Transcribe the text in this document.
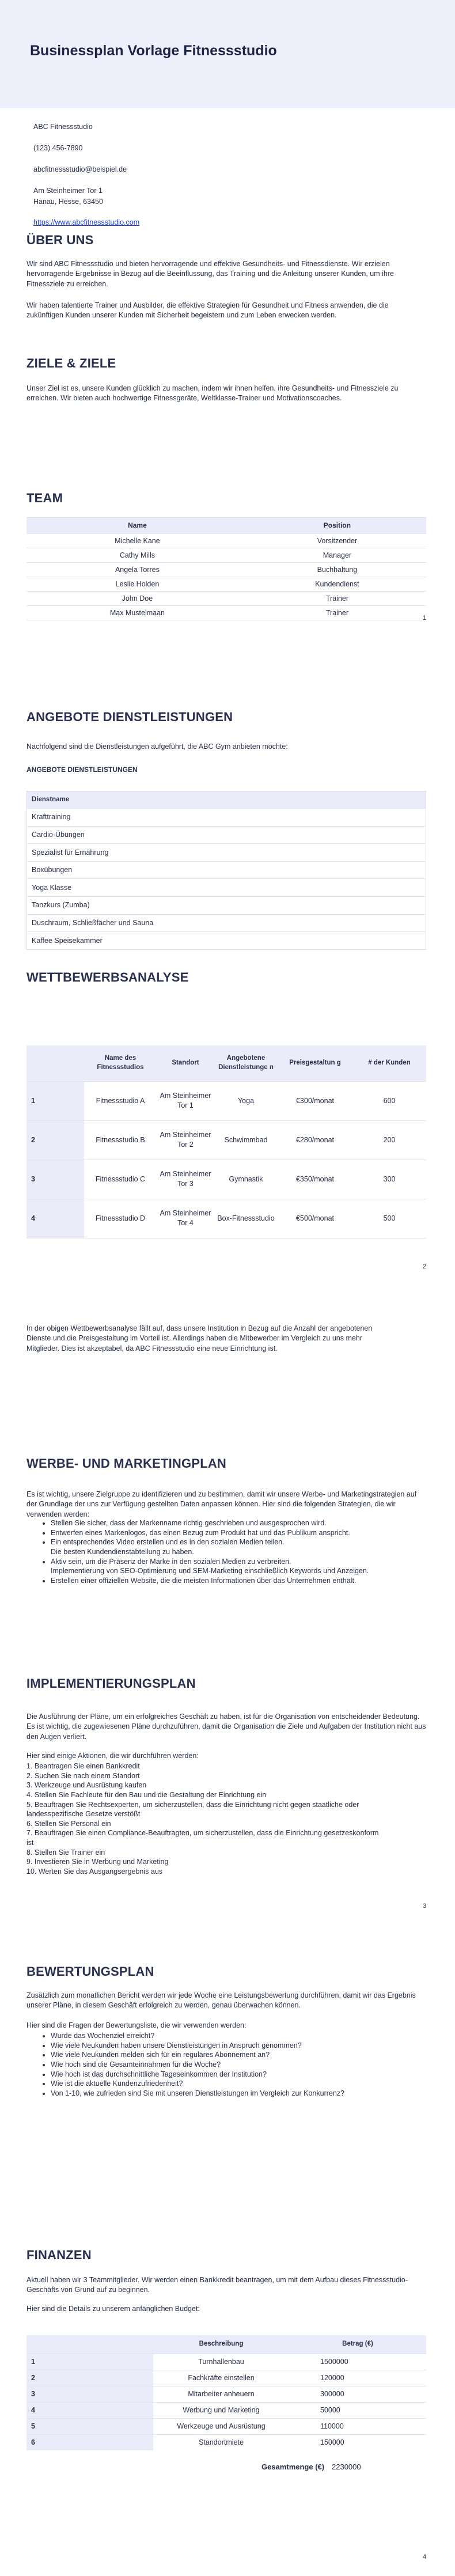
Businessplan Vorlage Fitnessstudio
ABC Fitnessstudio
(123) 456-7890
abcfitnessstudio@beispiel.de
Am Steinheimer Tor 1
Hanau, Hesse, 63450
https://www.abcfitnessstudio.com
ÜBER UNS
Wir sind ABC Fitnessstudio und bieten hervorragende und effektive Gesundheits- und Fitnessdienste. Wir erzielen hervorragende Ergebnisse in Bezug auf die Beeinflussung, das Training und die Anleitung unserer Kunden, um ihre Fitnessziele zu erreichen.
Wir haben talentierte Trainer und Ausbilder, die effektive Strategien für Gesundheit und Fitness anwenden, die die zukünftigen Kunden unserer Kunden mit Sicherheit begeistern und zum Leben erwecken werden.
ZIELE & ZIELE
Unser Ziel ist es, unsere Kunden glücklich zu machen, indem wir ihnen helfen, ihre Gesundheits- und Fitnessziele zu erreichen. Wir bieten auch hochwertige Fitnessgeräte, Weltklasse-Trainer und Motivationscoaches.
TEAM
Name	Position
Michelle Kane	Vorsitzender
Cathy Mills	Manager
Angela Torres	Buchhaltung
Leslie Holden	Kundendienst
John Doe	Trainer
Max Mustelmaan	Trainer
1
ANGEBOTE DIENSTLEISTUNGEN
Nachfolgend sind die Dienstleistungen aufgeführt, die ABC Gym anbieten möchte:
ANGEBOTE DIENSTLEISTUNGEN
Dienstname
Krafttraining
Cardio-Übungen
Spezialist für Ernährung
Boxübungen
Yoga Klasse
Tanzkurs (Zumba)
Duschraum, Schließfächer und Sauna
Kaffee Speisekammer
WETTBEWERBSANALYSE
	Name des Fitnessstudios	Standort	Angebotene Dienstleistunge n	Preisgestaltun g	# der Kunden
1	Fitnessstudio A	Am Steinheimer Tor 1	Yoga	€300/monat	600
2	Fitnessstudio B	Am Steinheimer Tor 2	Schwimmbad	€280/monat	200
3	Fitnessstudio C	Am Steinheimer Tor 3	Gymnastik	€350/monat	300
4	Fitnessstudio D	Am Steinheimer Tor 4	Box-Fitnessstudio	€500/monat	500
2
In der obigen Wettbewerbsanalyse fällt auf, dass unsere Institution in Bezug auf die Anzahl der angebotenen Dienste und die Preisgestaltung im Vorteil ist. Allerdings haben die Mitbewerber im Vergleich zu uns mehr Mitglieder. Dies ist akzeptabel, da ABC Fitnessstudio eine neue Einrichtung ist.
WERBE- UND MARKETINGPLAN
Es ist wichtig, unsere Zielgruppe zu identifizieren und zu bestimmen, damit wir unsere Werbe- und Marketingstrategien auf der Grundlage der uns zur Verfügung gestellten Daten anpassen können. Hier sind die folgenden Strategien, die wir verwenden werden:
• Stellen Sie sicher, dass der Markenname richtig geschrieben und ausgesprochen wird.
• Entwerfen eines Markenlogos, das einen Bezug zum Produkt hat und das Publikum anspricht.
• Ein entsprechendes Video erstellen und es in den sozialen Medien teilen.
Die besten Kundendienstabteilung zu haben.
• Aktiv sein, um die Präsenz der Marke in den sozialen Medien zu verbreiten.
Implementierung von SEO-Optimierung und SEM-Marketing einschließlich Keywords und Anzeigen.
• Erstellen einer offiziellen Website, die die meisten Informationen über das Unternehmen enthält.
IMPLEMENTIERUNGSPLAN
Die Ausführung der Pläne, um ein erfolgreiches Geschäft zu haben, ist für die Organisation von entscheidender Bedeutung. Es ist wichtig, die zugewiesenen Pläne durchzuführen, damit die Organisation die Ziele und Aufgaben der Institution nicht aus den Augen verliert.
Hier sind einige Aktionen, die wir durchführen werden:
1. Beantragen Sie einen Bankkredit
2. Suchen Sie nach einem Standort
3. Werkzeuge und Ausrüstung kaufen
4. Stellen Sie Fachleute für den Bau und die Gestaltung der Einrichtung ein
5. Beauftragen Sie Rechtsexperten, um sicherzustellen, dass die Einrichtung nicht gegen staatliche oder landesspezifische Gesetze verstößt
6. Stellen Sie Personal ein
7. Beauftragen Sie einen Compliance-Beauftragten, um sicherzustellen, dass die Einrichtung gesetzeskonform ist
8. Stellen Sie Trainer ein
9. Investieren Sie in Werbung und Marketing
10. Werten Sie das Ausgangsergebnis aus
3
BEWERTUNGSPLAN
Zusätzlich zum monatlichen Bericht werden wir jede Woche eine Leistungsbewertung durchführen, damit wir das Ergebnis unserer Pläne, in diesem Geschäft erfolgreich zu werden, genau überwachen können.
Hier sind die Fragen der Bewertungsliste, die wir verwenden werden:
• Wurde das Wochenziel erreicht?
• Wie viele Neukunden haben unsere Dienstleistungen in Anspruch genommen?
• Wie viele Neukunden melden sich für ein reguläres Abonnement an?
• Wie hoch sind die Gesamteinnahmen für die Woche?
• Wie hoch ist das durchschnittliche Tageseinkommen der Institution?
• Wie ist die aktuelle Kundenzufriedenheit?
• Von 1-10, wie zufrieden sind Sie mit unseren Dienstleistungen im Vergleich zur Konkurrenz?
FINANZEN
Aktuell haben wir 3 Teammitglieder. Wir werden einen Bankkredit beantragen, um mit dem Aufbau dieses Fitnessstudio-Geschäfts von Grund auf zu beginnen.
Hier sind die Details zu unserem anfänglichen Budget:
	Beschreibung	Betrag (€)
1	Turnhallenbau	1500000
2	Fachkräfte einstellen	120000
3	Mitarbeiter anheuern	300000
4	Werbung und Marketing	50000
5	Werkzeuge und Ausrüstung	110000
6	Standortmiete	150000
Gesamtmenge (€) 2230000
4
